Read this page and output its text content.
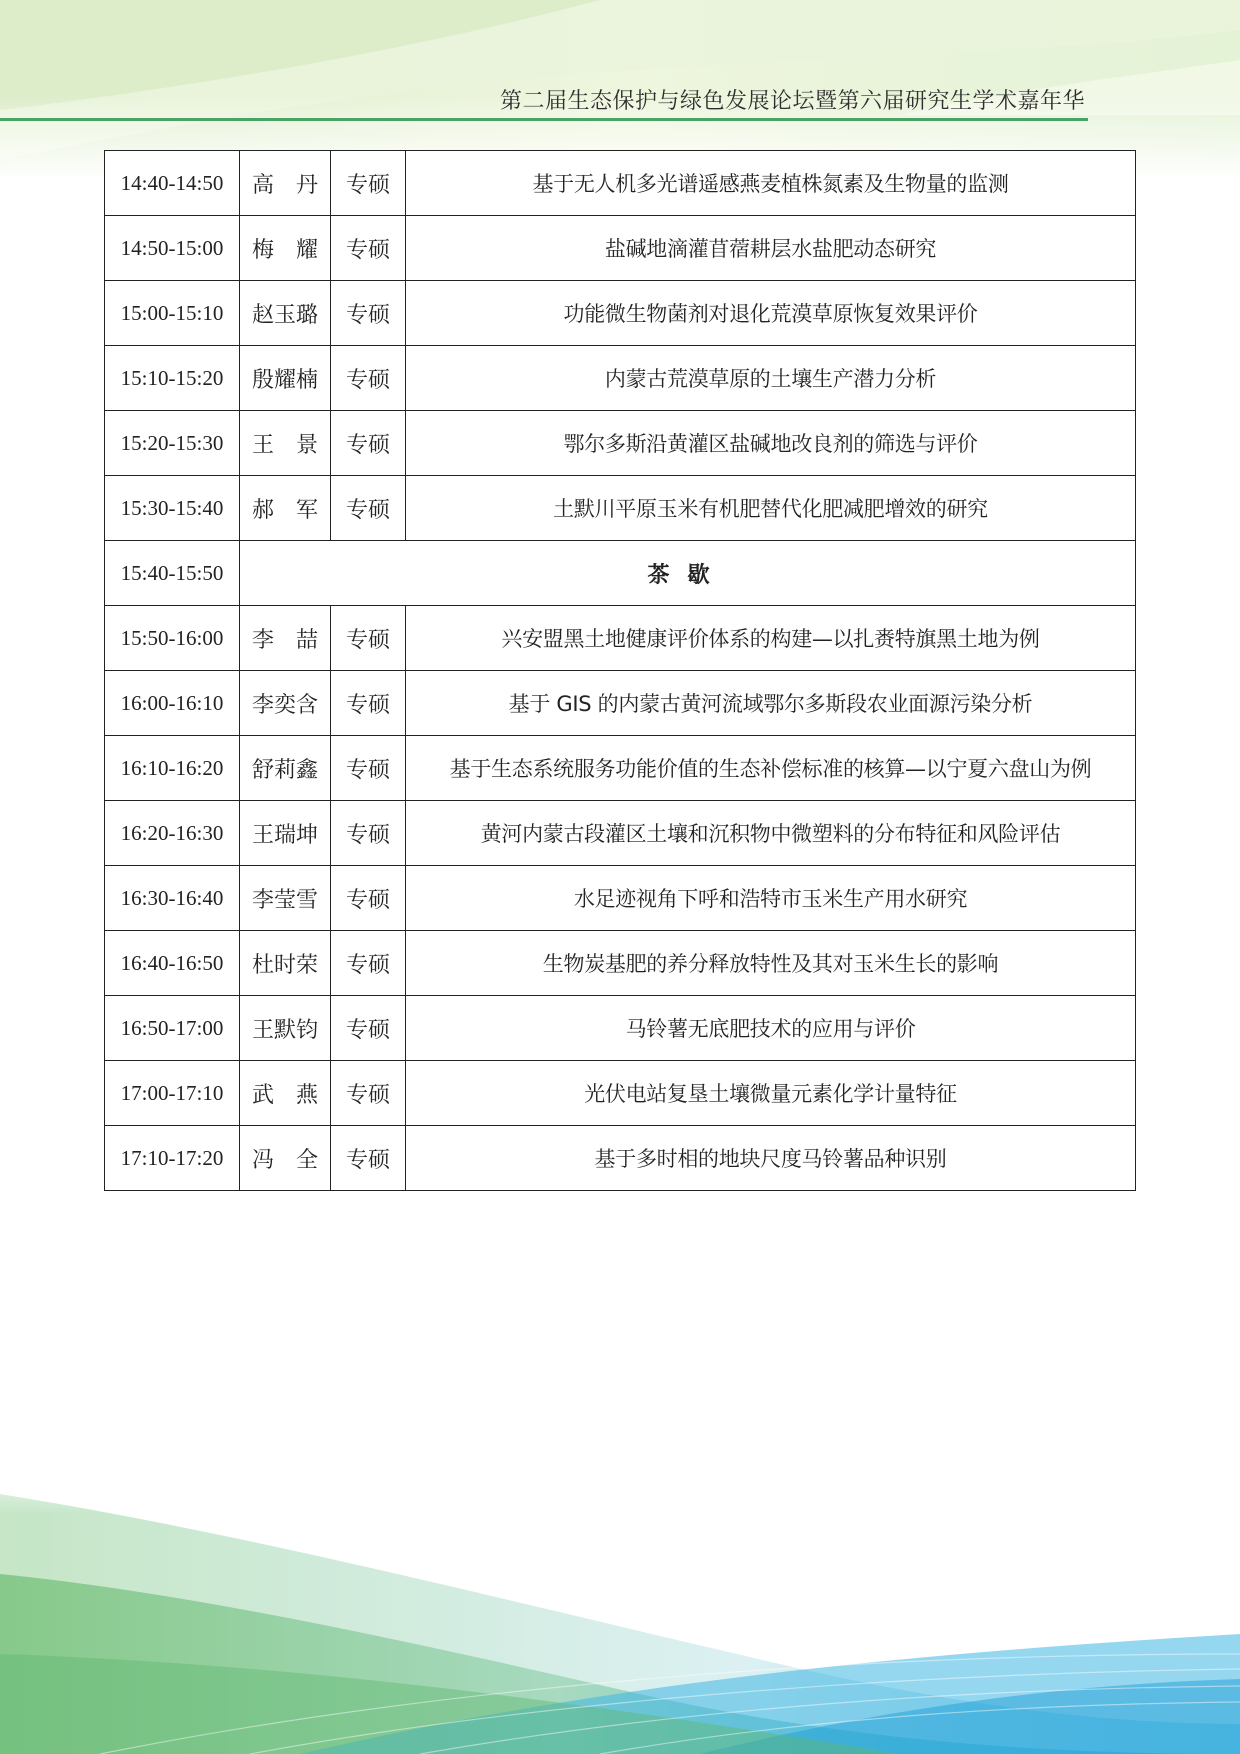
第二届生态保护与绿色发展论坛暨第六届研究生学术嘉年华
14:40-14:50	高　丹	专硕	基于无人机多光谱遥感燕麦植株氮素及生物量的监测
14:50-15:00	梅　耀	专硕	盐碱地滴灌苜蓿耕层水盐肥动态研究
15:00-15:10	赵玉璐	专硕	功能微生物菌剂对退化荒漠草原恢复效果评价
15:10-15:20	殷耀楠	专硕	内蒙古荒漠草原的土壤生产潜力分析
15:20-15:30	王　景	专硕	鄂尔多斯沿黄灌区盐碱地改良剂的筛选与评价
15:30-15:40	郝　军	专硕	土默川平原玉米有机肥替代化肥减肥增效的研究
15:40-15:50	茶歇		
15:50-16:00	李　喆	专硕	兴安盟黑土地健康评价体系的构建—以扎赉特旗黑土地为例
16:00-16:10	李奕含	专硕	基于 GIS 的内蒙古黄河流域鄂尔多斯段农业面源污染分析
16:10-16:20	舒莉鑫	专硕	基于生态系统服务功能价值的生态补偿标准的核算—以宁夏六盘山为例
16:20-16:30	王瑞坤	专硕	黄河内蒙古段灌区土壤和沉积物中微塑料的分布特征和风险评估
16:30-16:40	李莹雪	专硕	水足迹视角下呼和浩特市玉米生产用水研究
16:40-16:50	杜时荣	专硕	生物炭基肥的养分释放特性及其对玉米生长的影响
16:50-17:00	王默钧	专硕	马铃薯无底肥技术的应用与评价
17:00-17:10	武　燕	专硕	光伏电站复垦土壤微量元素化学计量特征
17:10-17:20	冯　全	专硕	基于多时相的地块尺度马铃薯品种识别
